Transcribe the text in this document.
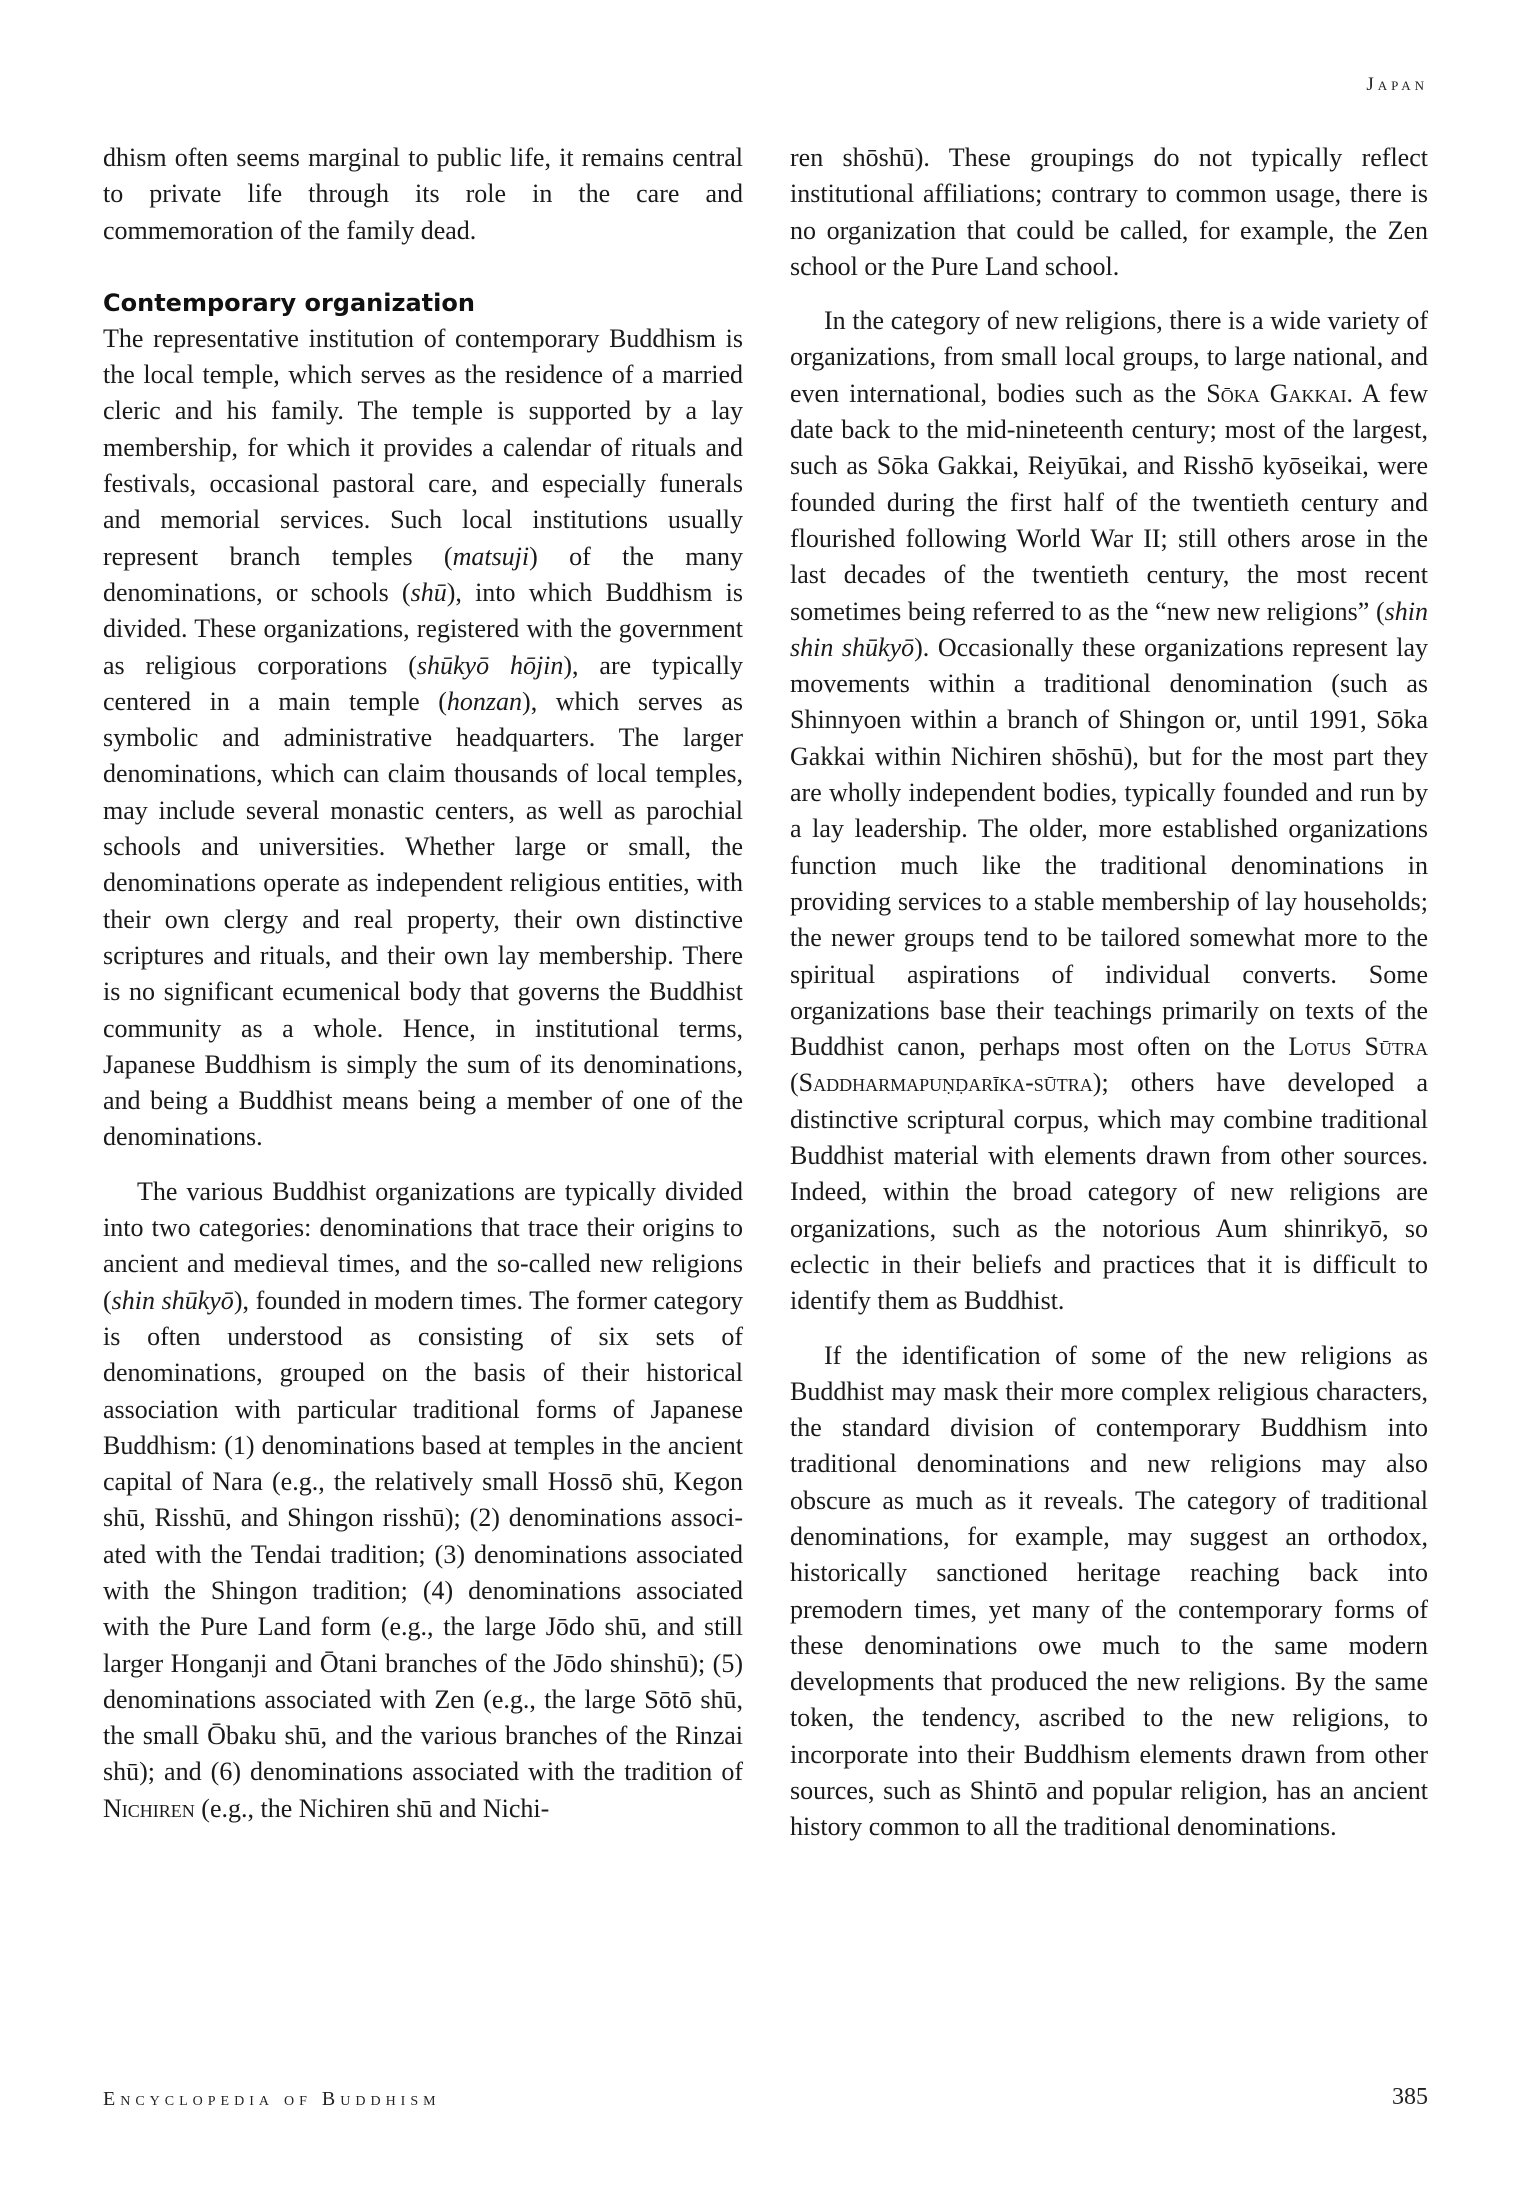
Japan

dhism often seems marginal to public life, it remains central to private life through its role in the care and commemoration of the family dead.

Contemporary organization

The representative institution of contemporary Buddhism is the local temple, which serves as the residence of a married cleric and his family. The temple is supported by a lay membership, for which it provides a calendar of rituals and festivals, occasional pastoral care, and especially funerals and memorial services. Such local institutions usually represent branch temples (matsuji) of the many denominations, or schools (shū), into which Buddhism is divided. These organizations, registered with the government as religious corporations (shūkyō hōjin), are typically centered in a main temple (honzan), which serves as symbolic and administrative headquarters. The larger denominations, which can claim thousands of local temples, may include several monastic centers, as well as parochial schools and universities. Whether large or small, the denominations operate as independent religious entities, with their own clergy and real property, their own distinctive scriptures and rituals, and their own lay membership. There is no significant ecumenical body that governs the Buddhist community as a whole. Hence, in institutional terms, Japanese Buddhism is simply the sum of its denominations, and being a Buddhist means being a member of one of the denominations.

The various Buddhist organizations are typically divided into two categories: denominations that trace their origins to ancient and medieval times, and the so-called new religions (shin shūkyō), founded in modern times. The former category is often understood as consisting of six sets of denominations, grouped on the basis of their historical association with particular traditional forms of Japanese Buddhism: (1) denominations based at temples in the ancient capital of Nara (e.g., the relatively small Hossō shū, Kegon shū, Risshū, and Shingon risshū); (2) denominations associated with the Tendai tradition; (3) denominations associated with the Shingon tradition; (4) denominations associated with the Pure Land form (e.g., the large Jōdo shū, and still larger Honganji and Ōtani branches of the Jōdo shinshū); (5) denominations associated with Zen (e.g., the large Sōtō shū, the small Ōbaku shū, and the various branches of the Rinzai shū); and (6) denominations associated with the tradition of Nichiren (e.g., the Nichiren shū and Nichi-

ren shōshū). These groupings do not typically reflect institutional affiliations; contrary to common usage, there is no organization that could be called, for example, the Zen school or the Pure Land school.

In the category of new religions, there is a wide variety of organizations, from small local groups, to large national, and even international, bodies such as the Sōka Gakkai. A few date back to the mid-nineteenth century; most of the largest, such as Sōka Gakkai, Reiyūkai, and Risshō kyōseikai, were founded during the first half of the twentieth century and flourished following World War II; still others arose in the last decades of the twentieth century, the most recent sometimes being referred to as the “new new religions” (shin shin shūkyō). Occasionally these organizations represent lay movements within a traditional denomination (such as Shinnyoen within a branch of Shingon or, until 1991, Sōka Gakkai within Nichiren shōshū), but for the most part they are wholly independent bodies, typically founded and run by a lay leadership. The older, more established organizations function much like the traditional denominations in providing services to a stable membership of lay households; the newer groups tend to be tailored somewhat more to the spiritual aspirations of individual converts. Some organizations base their teachings primarily on texts of the Buddhist canon, perhaps most often on the Lotus Sūtra (Saddharmapuṇḍarīka-sūtra); others have developed a distinctive scriptural corpus, which may combine traditional Buddhist material with elements drawn from other sources. Indeed, within the broad category of new religions are organizations, such as the notorious Aum shinrikyō, so eclectic in their beliefs and practices that it is difficult to identify them as Buddhist.

If the identification of some of the new religions as Buddhist may mask their more complex religious characters, the standard division of contemporary Buddhism into traditional denominations and new religions may also obscure as much as it reveals. The category of traditional denominations, for example, may suggest an orthodox, historically sanctioned heritage reaching back into premodern times, yet many of the contemporary forms of these denominations owe much to the same modern developments that produced the new religions. By the same token, the tendency, ascribed to the new religions, to incorporate into their Buddhism elements drawn from other sources, such as Shintō and popular religion, has an ancient history common to all the traditional denominations.

Encyclopedia of Buddhism	385
